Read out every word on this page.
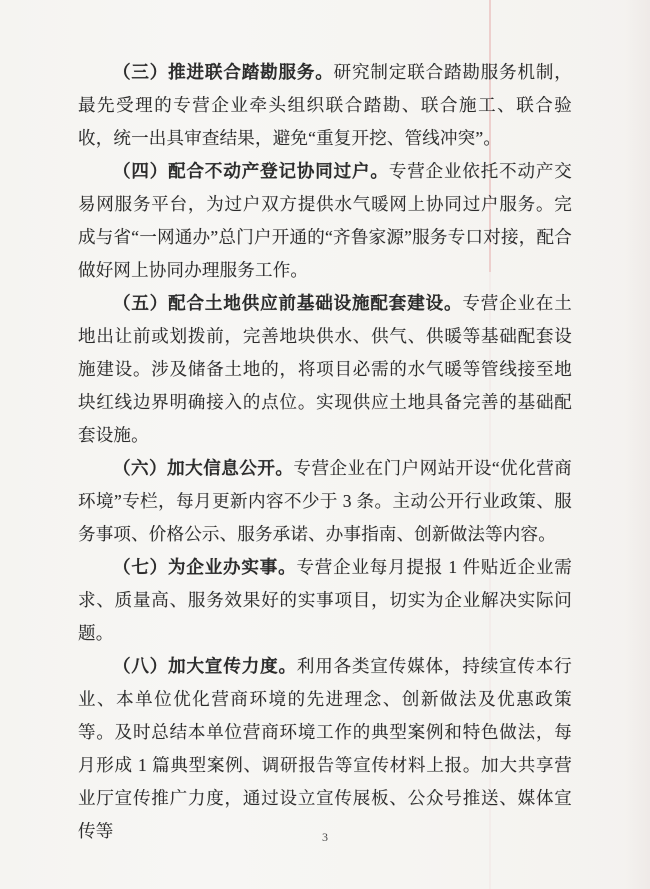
（三）推进联合踏勘服务。研究制定联合踏勘服务机制，最先受理的专营企业牵头组织联合踏勘、联合施工、联合验收，统一出具审查结果，避免“重复开挖、管线冲突”。

（四）配合不动产登记协同过户。专营企业依托不动产交易网服务平台，为过户双方提供水气暖网上协同过户服务。完成与省“一网通办”总门户开通的“齐鲁家源”服务专口对接，配合做好网上协同办理服务工作。

（五）配合土地供应前基础设施配套建设。专营企业在土地出让前或划拨前，完善地块供水、供气、供暖等基础配套设施建设。涉及储备土地的，将项目必需的水气暖等管线接至地块红线边界明确接入的点位。实现供应土地具备完善的基础配套设施。

（六）加大信息公开。专营企业在门户网站开设“优化营商环境”专栏，每月更新内容不少于 3 条。主动公开行业政策、服务事项、价格公示、服务承诺、办事指南、创新做法等内容。

（七）为企业办实事。专营企业每月提报 1 件贴近企业需求、质量高、服务效果好的实事项目，切实为企业解决实际问题。

（八）加大宣传力度。利用各类宣传媒体，持续宣传本行业、本单位优化营商环境的先进理念、创新做法及优惠政策等。及时总结本单位营商环境工作的典型案例和特色做法，每月形成 1 篇典型案例、调研报告等宣传材料上报。加大共享营业厅宣传推广力度，通过设立宣传展板、公众号推送、媒体宣传等	3
